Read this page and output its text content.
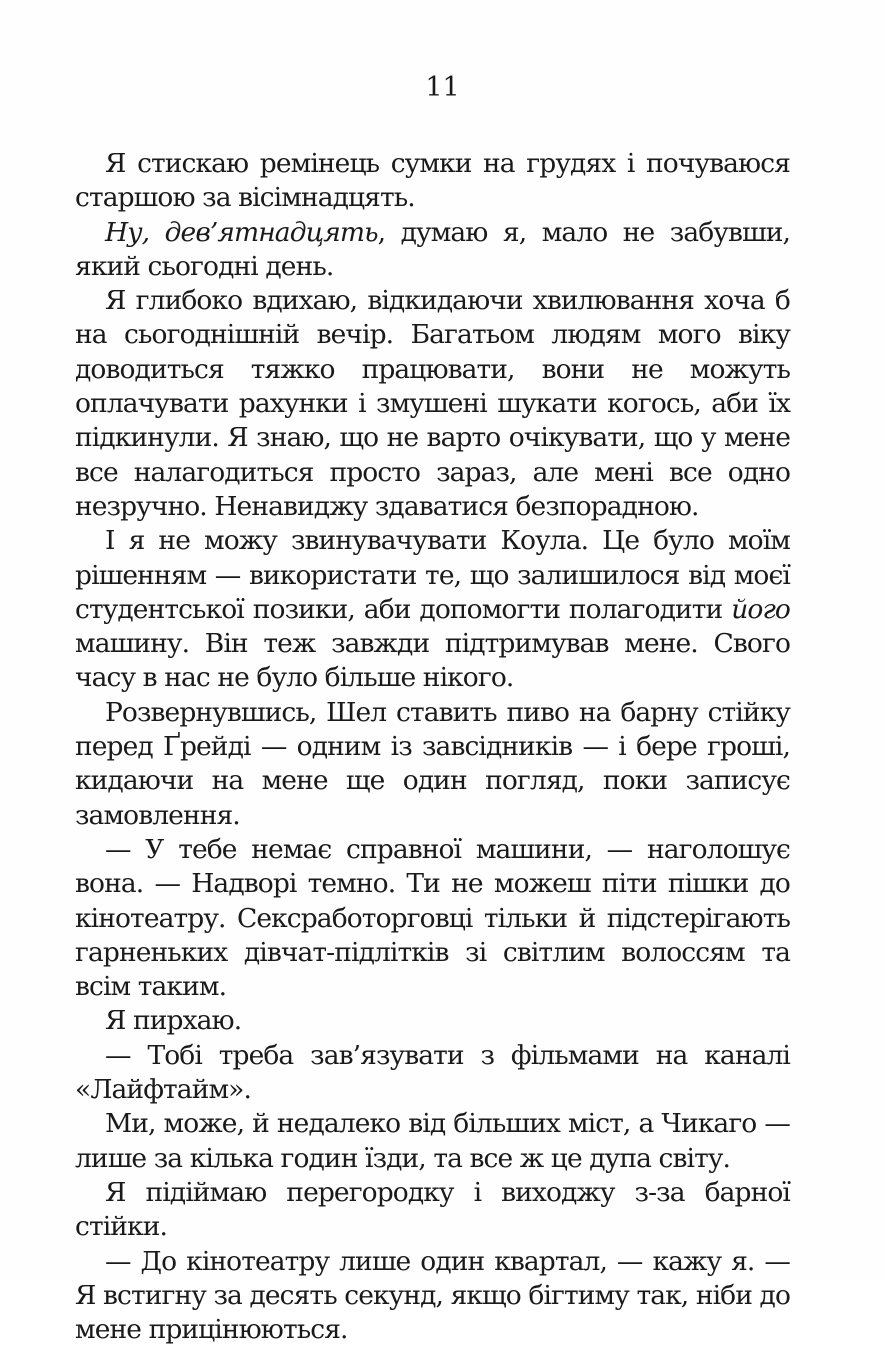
11

Я стискаю ремінець сумки на грудях і почуваюся старшою за вісімнадцять.

Ну, дев’ятнадцять, думаю я, мало не забувши, який сьогодні день.

Я глибоко вдихаю, відкидаючи хвилювання хоча б на сьогоднішній вечір. Багатьом людям мого віку доводиться тяжко працювати, вони не можуть оплачувати рахунки і змушені шукати когось, аби їх підкинули. Я знаю, що не варто очікувати, що у мене все налагодиться просто зараз, але мені все одно незручно. Ненавиджу здаватися безпорадною.

І я не можу звинувачувати Коула. Це було моїм рішенням — використати те, що залишилося від моєї студентської позики, аби допомогти полагодити його машину. Він теж завжди підтримував мене. Свого часу в нас не було більше нікого.

Розвернувшись, Шел ставить пиво на барну стійку перед Ґрейді — одним із завсідників — і бере гроші, кидаючи на мене ще один погляд, поки записує замовлення.

— У тебе немає справної машини, — наголошує вона. — Надворі темно. Ти не можеш піти пішки до кінотеатру. Сексработорговці тільки й підстерігають гарненьких дівчат-підлітків зі світлим волоссям та всім таким.

Я пирхаю.

— Тобі треба зав’язувати з фільмами на каналі «Лайфтайм».

Ми, може, й недалеко від більших міст, а Чикаго — лише за кілька годин їзди, та все ж це дупа світу.

Я підіймаю перегородку і виходжу з-за барної стійки.

— До кінотеатру лише один квартал, — кажу я. — Я встигну за десять секунд, якщо бігтиму так, ніби до мене прицінюються.
